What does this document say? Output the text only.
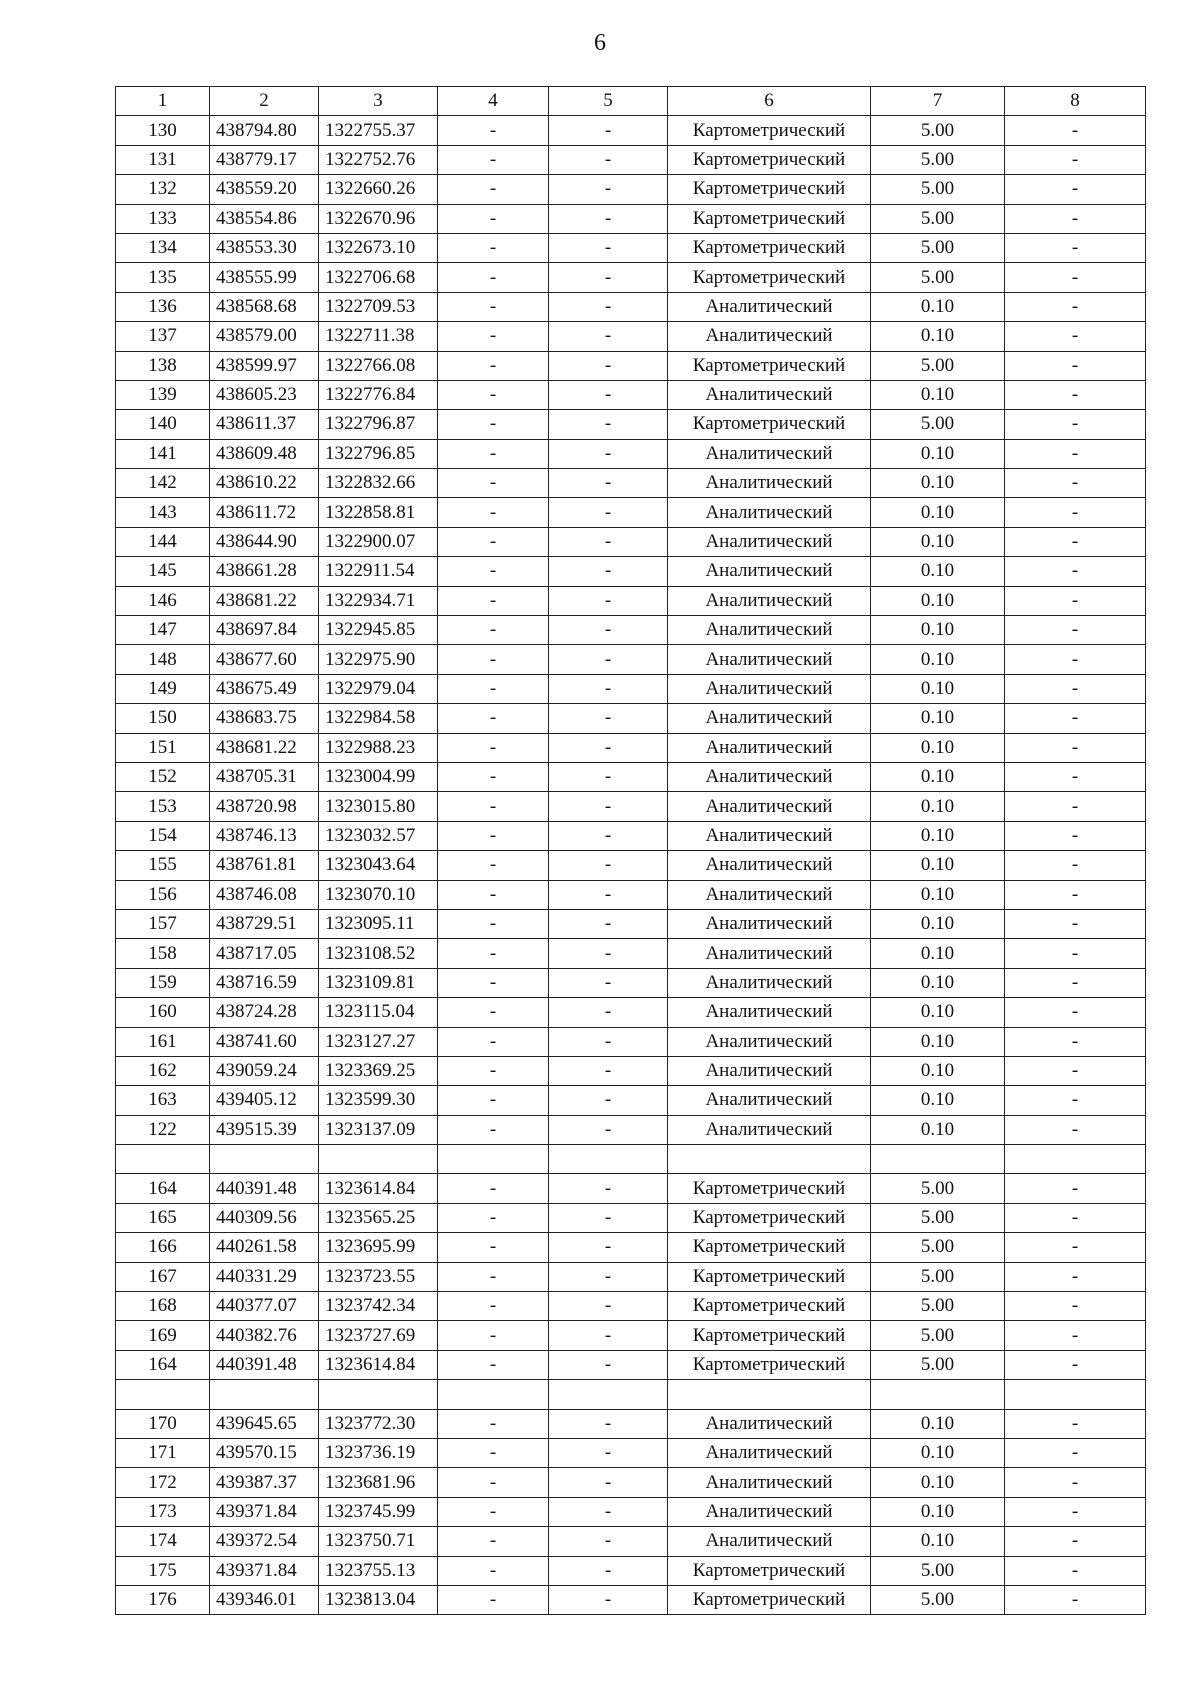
6
1	2	3	4	5	6	7	8
130	438794.80	1322755.37	-	-	Картометрический	5.00	-
131	438779.17	1322752.76	-	-	Картометрический	5.00	-
132	438559.20	1322660.26	-	-	Картометрический	5.00	-
133	438554.86	1322670.96	-	-	Картометрический	5.00	-
134	438553.30	1322673.10	-	-	Картометрический	5.00	-
135	438555.99	1322706.68	-	-	Картометрический	5.00	-
136	438568.68	1322709.53	-	-	Аналитический	0.10	-
137	438579.00	1322711.38	-	-	Аналитический	0.10	-
138	438599.97	1322766.08	-	-	Картометрический	5.00	-
139	438605.23	1322776.84	-	-	Аналитический	0.10	-
140	438611.37	1322796.87	-	-	Картометрический	5.00	-
141	438609.48	1322796.85	-	-	Аналитический	0.10	-
142	438610.22	1322832.66	-	-	Аналитический	0.10	-
143	438611.72	1322858.81	-	-	Аналитический	0.10	-
144	438644.90	1322900.07	-	-	Аналитический	0.10	-
145	438661.28	1322911.54	-	-	Аналитический	0.10	-
146	438681.22	1322934.71	-	-	Аналитический	0.10	-
147	438697.84	1322945.85	-	-	Аналитический	0.10	-
148	438677.60	1322975.90	-	-	Аналитический	0.10	-
149	438675.49	1322979.04	-	-	Аналитический	0.10	-
150	438683.75	1322984.58	-	-	Аналитический	0.10	-
151	438681.22	1322988.23	-	-	Аналитический	0.10	-
152	438705.31	1323004.99	-	-	Аналитический	0.10	-
153	438720.98	1323015.80	-	-	Аналитический	0.10	-
154	438746.13	1323032.57	-	-	Аналитический	0.10	-
155	438761.81	1323043.64	-	-	Аналитический	0.10	-
156	438746.08	1323070.10	-	-	Аналитический	0.10	-
157	438729.51	1323095.11	-	-	Аналитический	0.10	-
158	438717.05	1323108.52	-	-	Аналитический	0.10	-
159	438716.59	1323109.81	-	-	Аналитический	0.10	-
160	438724.28	1323115.04	-	-	Аналитический	0.10	-
161	438741.60	1323127.27	-	-	Аналитический	0.10	-
162	439059.24	1323369.25	-	-	Аналитический	0.10	-
163	439405.12	1323599.30	-	-	Аналитический	0.10	-
122	439515.39	1323137.09	-	-	Аналитический	0.10	-

164	440391.48	1323614.84	-	-	Картометрический	5.00	-
165	440309.56	1323565.25	-	-	Картометрический	5.00	-
166	440261.58	1323695.99	-	-	Картометрический	5.00	-
167	440331.29	1323723.55	-	-	Картометрический	5.00	-
168	440377.07	1323742.34	-	-	Картометрический	5.00	-
169	440382.76	1323727.69	-	-	Картометрический	5.00	-
164	440391.48	1323614.84	-	-	Картометрический	5.00	-

170	439645.65	1323772.30	-	-	Аналитический	0.10	-
171	439570.15	1323736.19	-	-	Аналитический	0.10	-
172	439387.37	1323681.96	-	-	Аналитический	0.10	-
173	439371.84	1323745.99	-	-	Аналитический	0.10	-
174	439372.54	1323750.71	-	-	Аналитический	0.10	-
175	439371.84	1323755.13	-	-	Картометрический	5.00	-
176	439346.01	1323813.04	-	-	Картометрический	5.00	-
